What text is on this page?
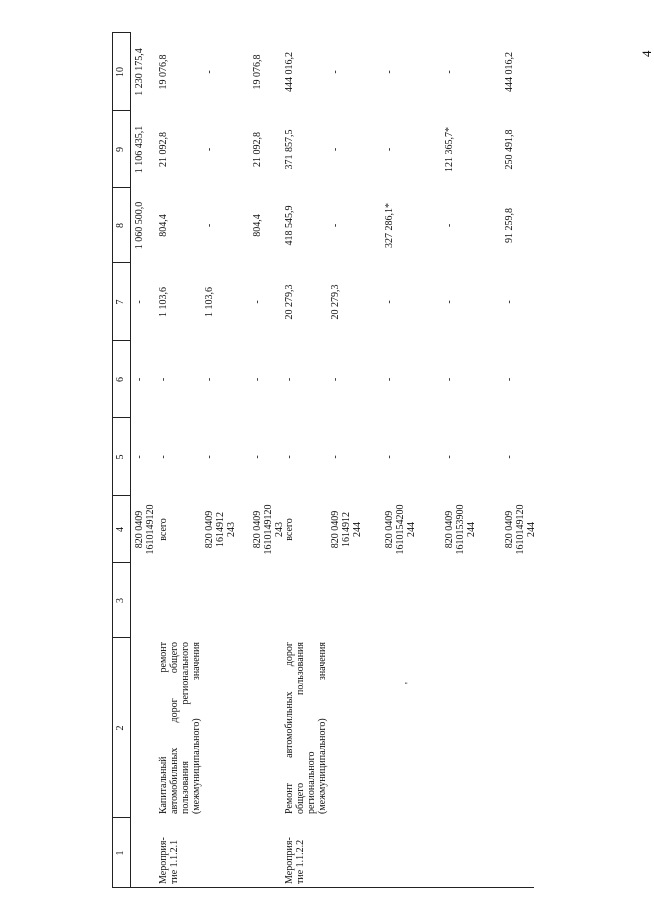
4
1
2
3
4
5
6
7
8
9
10
820 0409 1610149120
-
-
-
1 060 500,0
1 106 435,1
1 230 175,4
Мероприя- тие 1.1.2.1
Капитальный ремонт автомобильных дорог общего пользования регионального (межмуниципального) значения
всего
-
-
1 103,6
804,4
21 092,8
19 076,8
820 0409 1614912 243
-
-
1 103,6
-
-
-
820 0409 1610149120 243
-
-
-
804,4
21 092,8
19 076,8
Мероприя- тие 1.1.2.2
Ремонт автомобильных дорог общего пользования регионального (межмуниципального) значения
всего
-
-
20 279,3
418 545,9
371 857,5
444 016,2
820 0409 1614912 244
-
-
20 279,3
-
-
-
820 0409 1610154200 244
-
-
-
327 286,1*
-
-
820 0409 1610153900 244
-
-
-
-
121 365,7*
-
820 0409 1610149120 244
-
-
-
91 259,8
250 491,8
444 016,2
'
